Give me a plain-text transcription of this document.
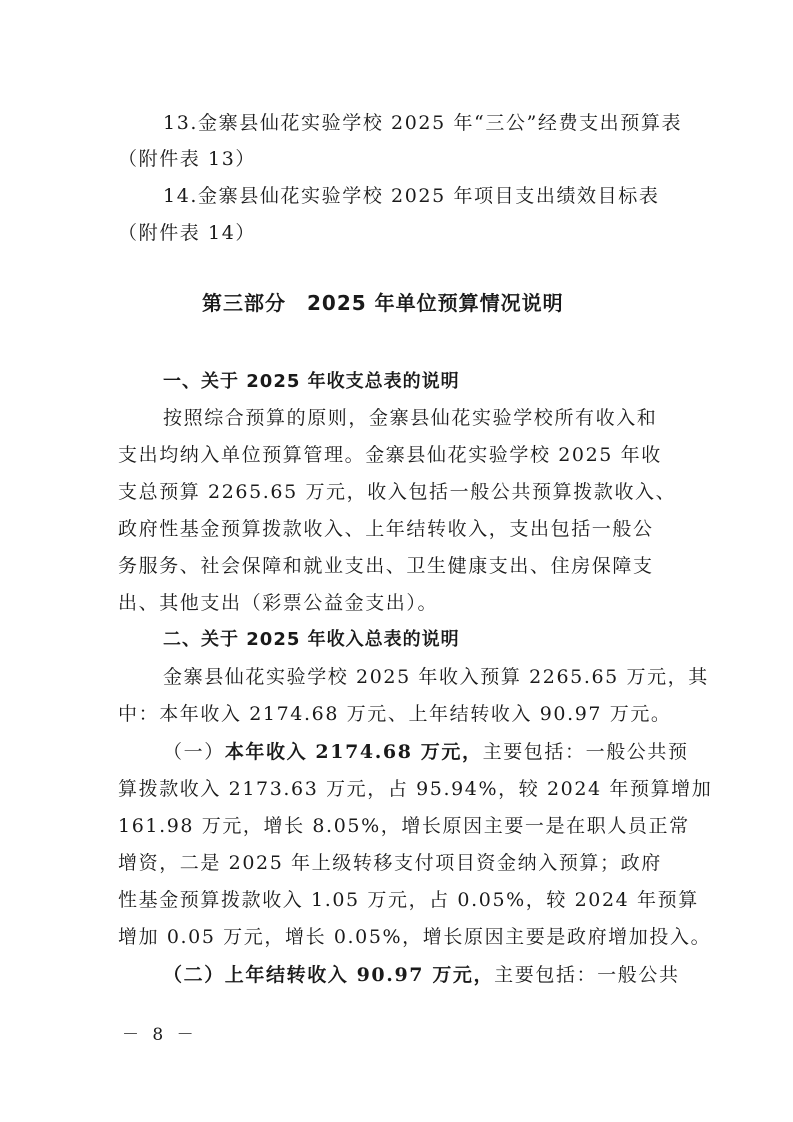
13.金寨县仙花实验学校 2025 年“三公”经费支出预算表
（附件表 13）
14.金寨县仙花实验学校 2025 年项目支出绩效目标表
（附件表 14）
第三部分　2025 年单位预算情况说明
一、关于 2025 年收支总表的说明
按照综合预算的原则，金寨县仙花实验学校所有收入和
支出均纳入单位预算管理。金寨县仙花实验学校 2025 年收
支总预算 2265.65 万元，收入包括一般公共预算拨款收入、
政府性基金预算拨款收入、上年结转收入，支出包括一般公
务服务、社会保障和就业支出、卫生健康支出、住房保障支
出、其他支出（彩票公益金支出）。
二、关于 2025 年收入总表的说明
金寨县仙花实验学校 2025 年收入预算 2265.65 万元，其
中：本年收入 2174.68 万元、上年结转收入 90.97 万元。
（一）本年收入 2174.68 万元，主要包括：一般公共预
算拨款收入 2173.63 万元，占 95.94%，较 2024 年预算增加
161.98 万元，增长 8.05%，增长原因主要一是在职人员正常
增资，二是 2025 年上级转移支付项目资金纳入预算；政府
性基金预算拨款收入 1.05 万元，占 0.05%，较 2024 年预算
增加 0.05 万元，增长 0.05%，增长原因主要是政府增加投入。
（二）上年结转收入 90.97 万元，主要包括：一般公共
－ 8 －
